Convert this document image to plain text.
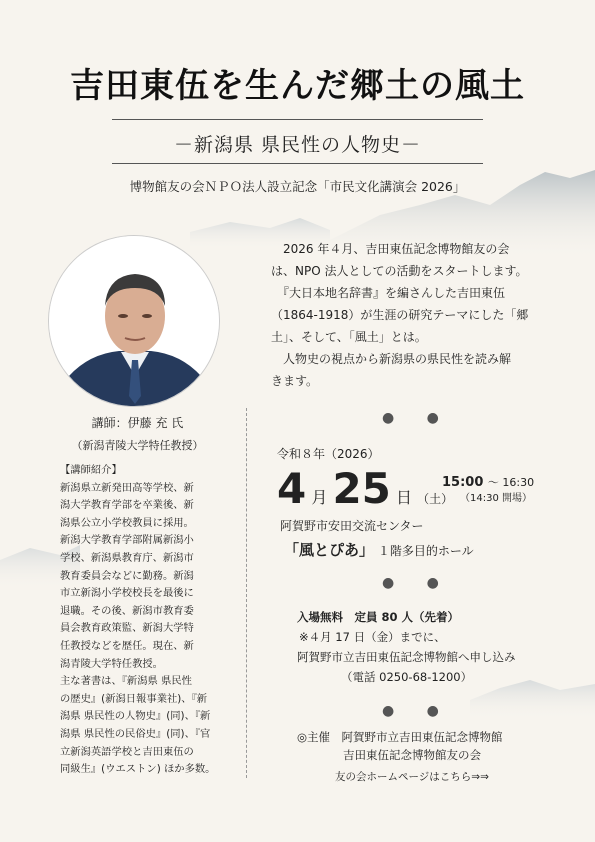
吉田東伍を生んだ郷土の風土
－新潟県 県民性の人物史－
博物館友の会ＮＰＯ法人設立記念「市民文化講演会 2026」
講師：伊藤 充 氏
（新潟青陵大学特任教授）

【講師紹介】

新潟県立新発田高等学校、新

潟大学教育学部を卒業後、新

潟県公立小学校教員に採用。

新潟大学教育学部附属新潟小

学校、新潟県教育庁、新潟市

教育委員会などに勤務。新潟

市立新潟小学校校長を最後に

退職。その後、新潟市教育委

員会教育政策監、新潟大学特

任教授などを歴任。現在、新

潟青陵大学特任教授。

主な著書は、『新潟県 県民性

の歴史』(新潟日報事業社)、『新

潟県 県民性の人物史』(同)、『新

潟県 県民性の民俗史』(同)、『官

立新潟英語学校と吉田東伍の

同級生』(ウエストン) ほか多数。

　2026 年４月、吉田東伍記念博物館友の会
は、NPO 法人としての活動をスタートします。
　『大日本地名辞書』を編さんした吉田東伍
（1864-1918）が生涯の研究テーマにした「郷
土」、そして、「風土」とは。
　人物史の視点から新潟県の県民性を読み解
きます。
● ●
令和８年（2026）
4 月 25 日 （土）
15:00 ～ 16:30
（14:30 開場）
阿賀野市安田交流センター
「風とぴあ」 １階多目的ホール
● ●
入場無料　定員 80 人（先着）
※４月 17 日（金）までに、
阿賀野市立吉田東伍記念博物館へ申し込み
（電話 0250-68-1200）
● ●
◎主催　阿賀野市立吉田東伍記念博物館
吉田東伍記念博物館友の会
友の会ホームページはこちら⇒⇒
